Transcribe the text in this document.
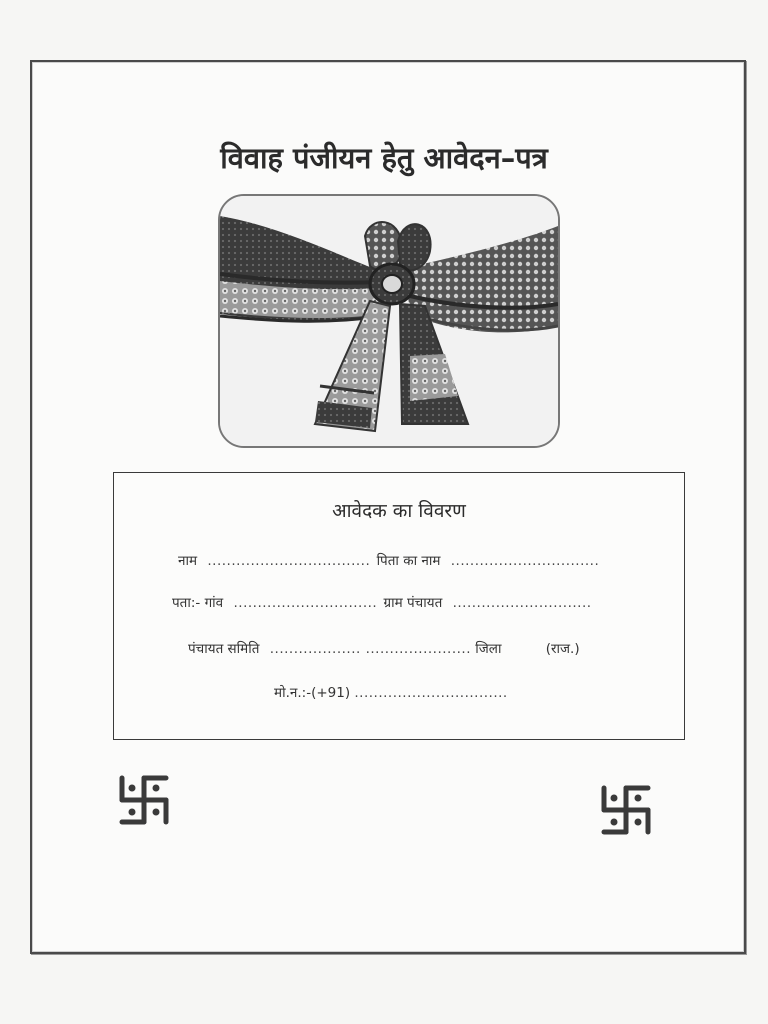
विवाह पंजीयन हेतु आवेदन–पत्र
आवेदक का विवरण
नाम .................................. पिता का नाम ...............................
पता:- गांव .............................. ग्राम पंचायत .............................
पंचायत समिति ................... ...................... जिला	(राज.)
मो.न.:-(+91) ................................
